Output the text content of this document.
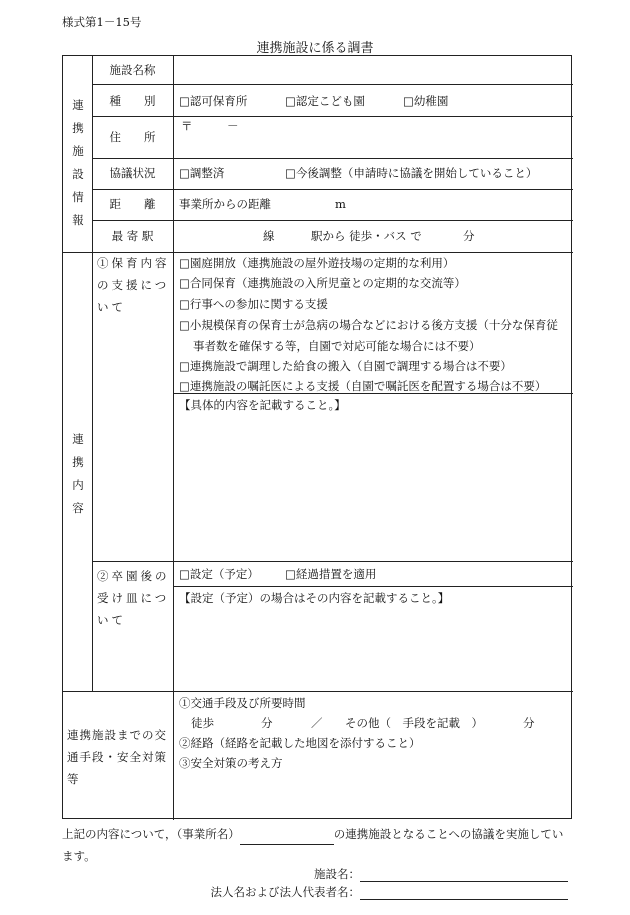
様式第1－15号
連携施設に係る調書
連
携
施
設
情
報
施設名称
種　　別	□認可保育所	□認定こども園	□幼稚園
住　　所
〒	－
協議状況	□調整済	□今後調整（申請時に協議を開始していること）
距　　離	事業所からの距離	m
最 寄 駅	線	駅から 徒歩・バス で	分
連
携
内
容
①保育内容の支援について
□園庭開放（連携施設の屋外遊技場の定期的な利用）
□合同保育（連携施設の入所児童との定期的な交流等）
□行事への参加に関する支援
□小規模保育の保育士が急病の場合などにおける後方支援（十分な保育従
事者数を確保する等，自園で対応可能な場合には不要）
□連携施設で調理した給食の搬入（自園で調理する場合は不要）
□連携施設の嘱託医による支援（自園で嘱託医を配置する場合は不要）
【具体的内容を記載すること。】
②卒園後の受け皿について
□設定（予定） □経過措置を適用
【設定（予定）の場合はその内容を記載すること。】
連携施設までの交通手段・安全対策等
①交通手段及び所要時間
徒歩	分	／ その他（　手段を記載　）	分
②経路（経路を記載した地図を添付すること）
③安全対策の考え方
上記の内容について，（事業所名）	の連携施設となることへの協議を実施してい
ます。
施設名：
法人名および法人代表者名：
